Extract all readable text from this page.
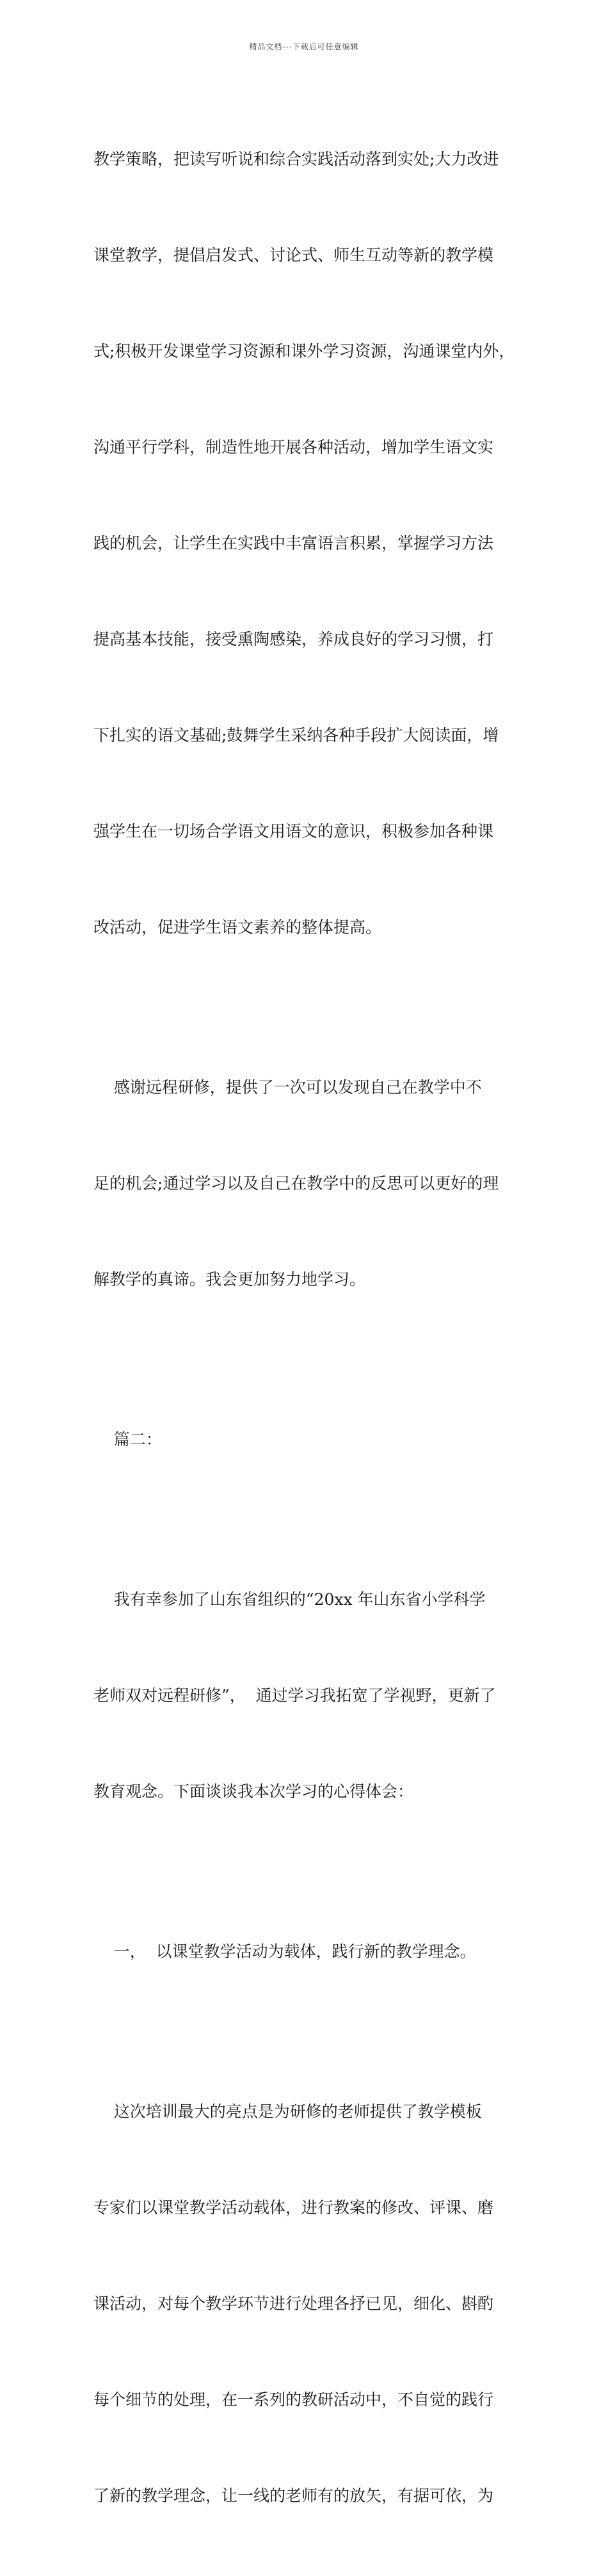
精品文档---下载后可任意编辑

教学策略，把读写听说和综合实践活动落到实处;大力改进

课堂教学，提倡启发式、讨论式、师生互动等新的教学模

式;积极开发课堂学习资源和课外学习资源，沟通课堂内外，

沟通平行学科，制造性地开展各种活动，增加学生语文实

践的机会，让学生在实践中丰富语言积累，掌握学习方法

提高基本技能，接受熏陶感染，养成良好的学习习惯，打

下扎实的语文基础;鼓舞学生采纳各种手段扩大阅读面，增

强学生在一切场合学语文用语文的意识，积极参加各种课

改活动，促进学生语文素养的整体提高。

感谢远程研修，提供了一次可以发现自己在教学中不

足的机会;通过学习以及自己在教学中的反思可以更好的理

解教学的真谛。我会更加努力地学习。

篇二：

我有幸参加了山东省组织的“20xx 年山东省小学科学

老师双对远程研修”，  通过学习我拓宽了学视野，更新了

教育观念。下面谈谈我本次学习的心得体会：

一，  以课堂教学活动为载体，践行新的教学理念。

这次培训最大的亮点是为研修的老师提供了教学模板

专家们以课堂教学活动载体，进行教案的修改、评课、磨

课活动，对每个教学环节进行处理各抒已见，细化、斟酌

每个细节的处理，在一系列的教研活动中，不自觉的践行

了新的教学理念，让一线的老师有的放矢，有据可依，为
